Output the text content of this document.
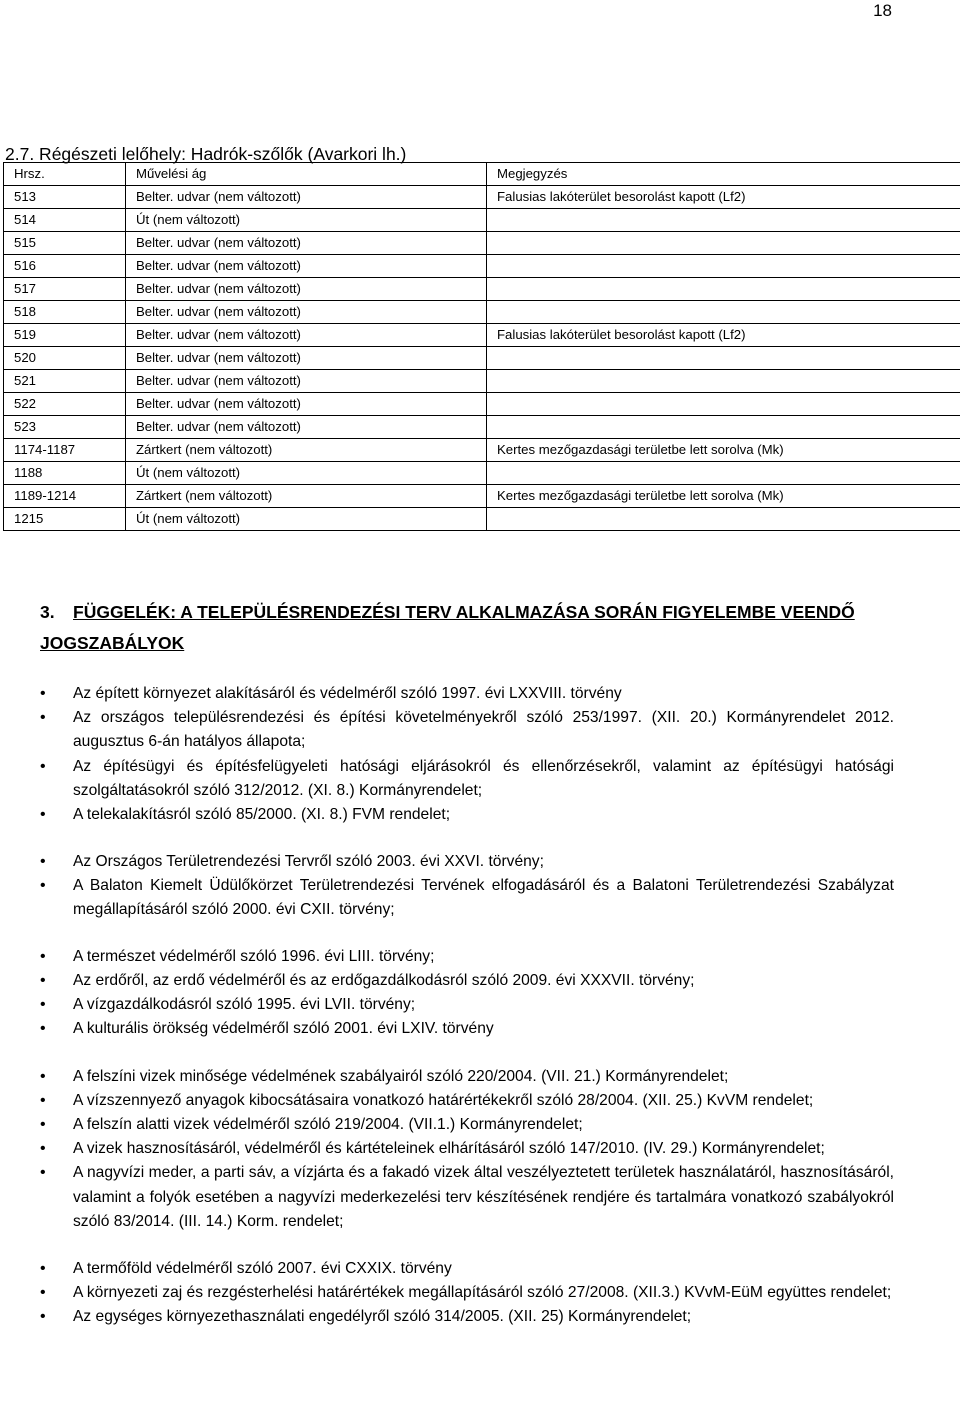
18
2.7. Régészeti lelőhely: Hadrók-szőlők (Avarkori lh.)
Hrsz.	Művelési ág	Megjegyzés
513	Belter. udvar (nem változott)	Falusias lakóterület besorolást kapott (Lf2)
514	Út (nem változott)	
515	Belter. udvar (nem változott)	
516	Belter. udvar (nem változott)	
517	Belter. udvar (nem változott)	
518	Belter. udvar (nem változott)	
519	Belter. udvar (nem változott)	Falusias lakóterület besorolást kapott (Lf2)
520	Belter. udvar (nem változott)	
521	Belter. udvar (nem változott)	
522	Belter. udvar (nem változott)	
523	Belter. udvar (nem változott)	
1174-1187	Zártkert (nem változott)	Kertes mezőgazdasági területbe lett sorolva (Mk)
1188	Út (nem változott)	
1189-1214	Zártkert (nem változott)	Kertes mezőgazdasági területbe lett sorolva (Mk)
1215	Út (nem változott)	
3. FÜGGELÉK: A TELEPÜLÉSRENDEZÉSI TERV ALKALMAZÁSA SORÁN FIGYELEMBE VEENDŐ JOGSZABÁLYOK
• Az épített környezet alakításáról és védelméről szóló 1997. évi LXXVIII. törvény
• Az országos településrendezési és építési követelményekről szóló 253/1997. (XII. 20.) Kormányrendelet 2012. augusztus 6-án hatályos állapota;
• Az építésügyi és építésfelügyeleti hatósági eljárásokról és ellenőrzésekről, valamint az építésügyi hatósági szolgáltatásokról szóló 312/2012. (XI. 8.) Kormányrendelet;
• A telekalakításról szóló 85/2000. (XI. 8.) FVM rendelet;
• Az Országos Területrendezési Tervről szóló 2003. évi XXVI. törvény;
• A Balaton Kiemelt Üdülőkörzet Területrendezési Tervének elfogadásáról és a Balatoni Területrendezési Szabályzat megállapításáról szóló 2000. évi CXII. törvény;
• A természet védelméről szóló 1996. évi LIII. törvény;
• Az erdőről, az erdő védelméről és az erdőgazdálkodásról szóló 2009. évi XXXVII. törvény;
• A vízgazdálkodásról szóló 1995. évi LVII. törvény;
• A kulturális örökség védelméről szóló 2001. évi LXIV. törvény
• A felszíni vizek minősége védelmének szabályairól szóló 220/2004. (VII. 21.) Kormányrendelet;
• A vízszennyező anyagok kibocsátásaira vonatkozó határértékekről szóló 28/2004. (XII. 25.) KvVM rendelet;
• A felszín alatti vizek védelméről szóló 219/2004. (VII.1.) Kormányrendelet;
• A vizek hasznosításáról, védelméről és kártételeinek elhárításáról szóló 147/2010. (IV. 29.) Kormányrendelet;
• A nagyvízi meder, a parti sáv, a vízjárta és a fakadó vizek által veszélyeztetett területek használatáról, hasznosításáról, valamint a folyók esetében a nagyvízi mederkezelési terv készítésének rendjére és tartalmára vonatkozó szabályokról szóló 83/2014. (III. 14.) Korm. rendelet;
• A termőföld védelméről szóló 2007. évi CXXIX. törvény
• A környezeti zaj és rezgésterhelési határértékek megállapításáról szóló 27/2008. (XII.3.) KVvM-EüM együttes rendelet;
• Az egységes környezethasználati engedélyről szóló 314/2005. (XII. 25) Kormányrendelet;
